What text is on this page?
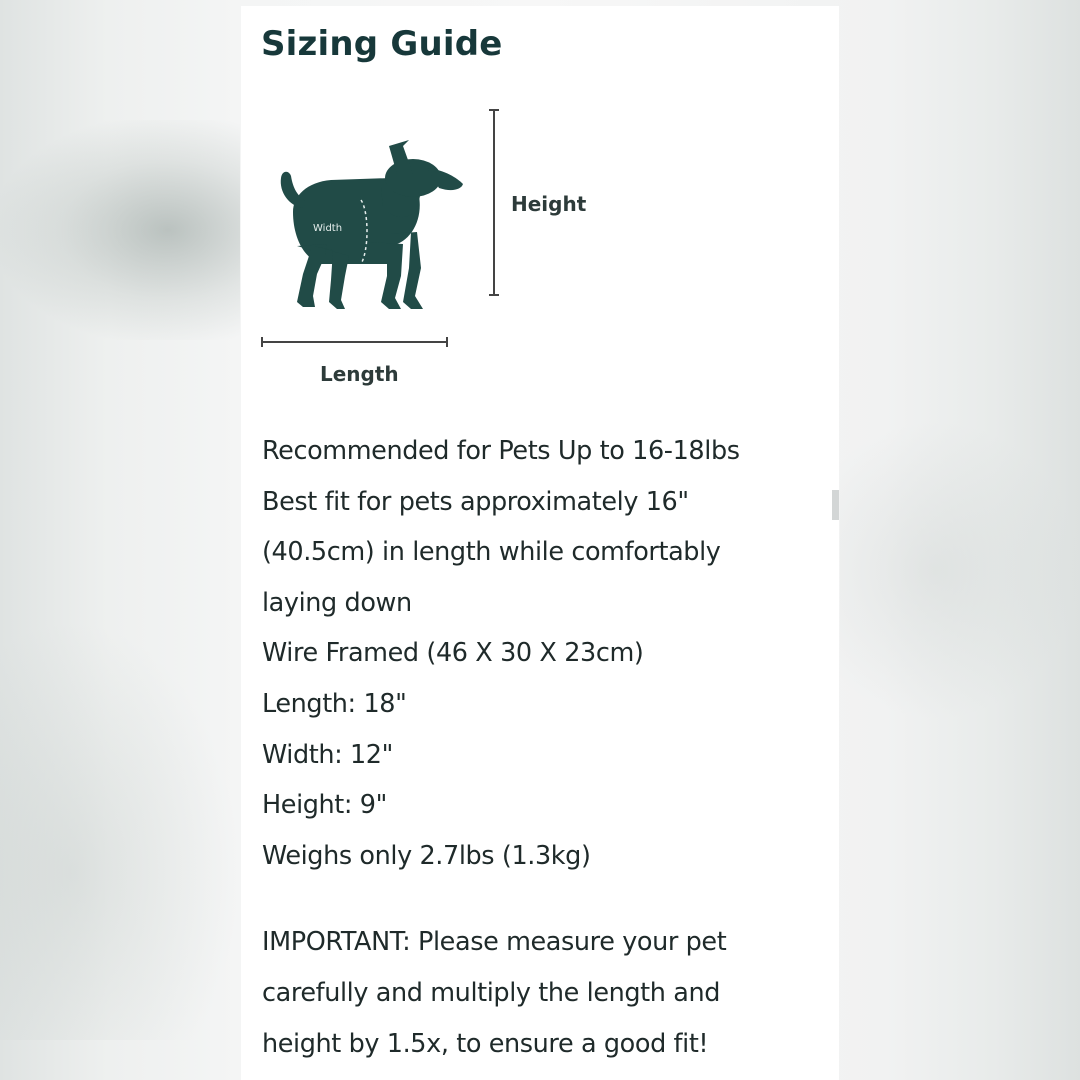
Sizing Guide
Width
Height
Length
Recommended for Pets Up to 16-18lbs
Best fit for pets approximately 16"
(40.5cm) in length while comfortably
laying down
Wire Framed (46 X 30 X 23cm)
Length: 18"
Width: 12"
Height: 9"
Weighs only 2.7lbs (1.3kg)
IMPORTANT: Please measure your pet
carefully and multiply the length and
height by 1.5x, to ensure a good fit!
